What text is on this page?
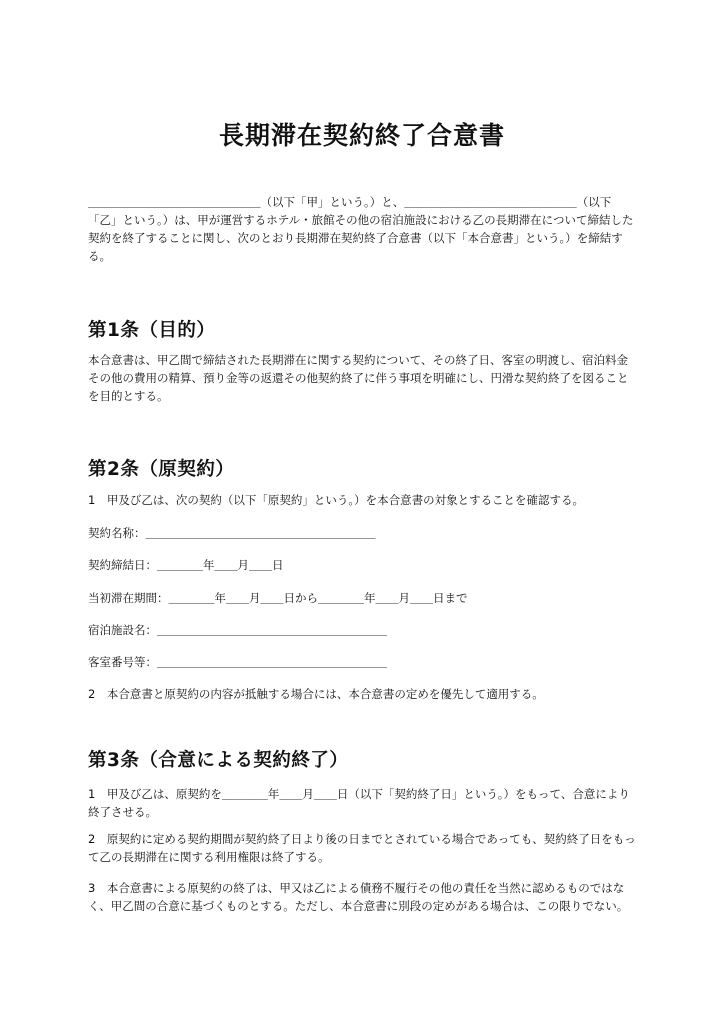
長期滞在契約終了合意書

＿＿＿＿＿＿＿＿＿＿＿＿＿＿＿（以下「甲」という。）と、＿＿＿＿＿＿＿＿＿＿＿＿＿＿＿（以下「乙」という。）は、甲が運営するホテル・旅館その他の宿泊施設における乙の長期滞在について締結した契約を終了することに関し、次のとおり長期滞在契約終了合意書（以下「本合意書」という。）を締結する。

第1条（目的）

本合意書は、甲乙間で締結された長期滞在に関する契約について、その終了日、客室の明渡し、宿泊料金その他の費用の精算、預り金等の返還その他契約終了に伴う事項を明確にし、円滑な契約終了を図ることを目的とする。

第2条（原契約）

1　甲及び乙は、次の契約（以下「原契約」という。）を本合意書の対象とすることを確認する。

契約名称：＿＿＿＿＿＿＿＿＿＿＿＿＿＿＿＿＿＿＿＿

契約締結日：＿＿＿＿年＿＿月＿＿日

当初滞在期間：＿＿＿＿年＿＿月＿＿日から＿＿＿＿年＿＿月＿＿日まで

宿泊施設名：＿＿＿＿＿＿＿＿＿＿＿＿＿＿＿＿＿＿＿＿

客室番号等：＿＿＿＿＿＿＿＿＿＿＿＿＿＿＿＿＿＿＿＿

2　本合意書と原契約の内容が抵触する場合には、本合意書の定めを優先して適用する。

第3条（合意による契約終了）

1　甲及び乙は、原契約を＿＿＿＿年＿＿月＿＿日（以下「契約終了日」という。）をもって、合意により終了させる。

2　原契約に定める契約期間が契約終了日より後の日までとされている場合であっても、契約終了日をもって乙の長期滞在に関する利用権限は終了する。

3　本合意書による原契約の終了は、甲又は乙による債務不履行その他の責任を当然に認めるものではなく、甲乙間の合意に基づくものとする。ただし、本合意書に別段の定めがある場合は、この限りでない。
